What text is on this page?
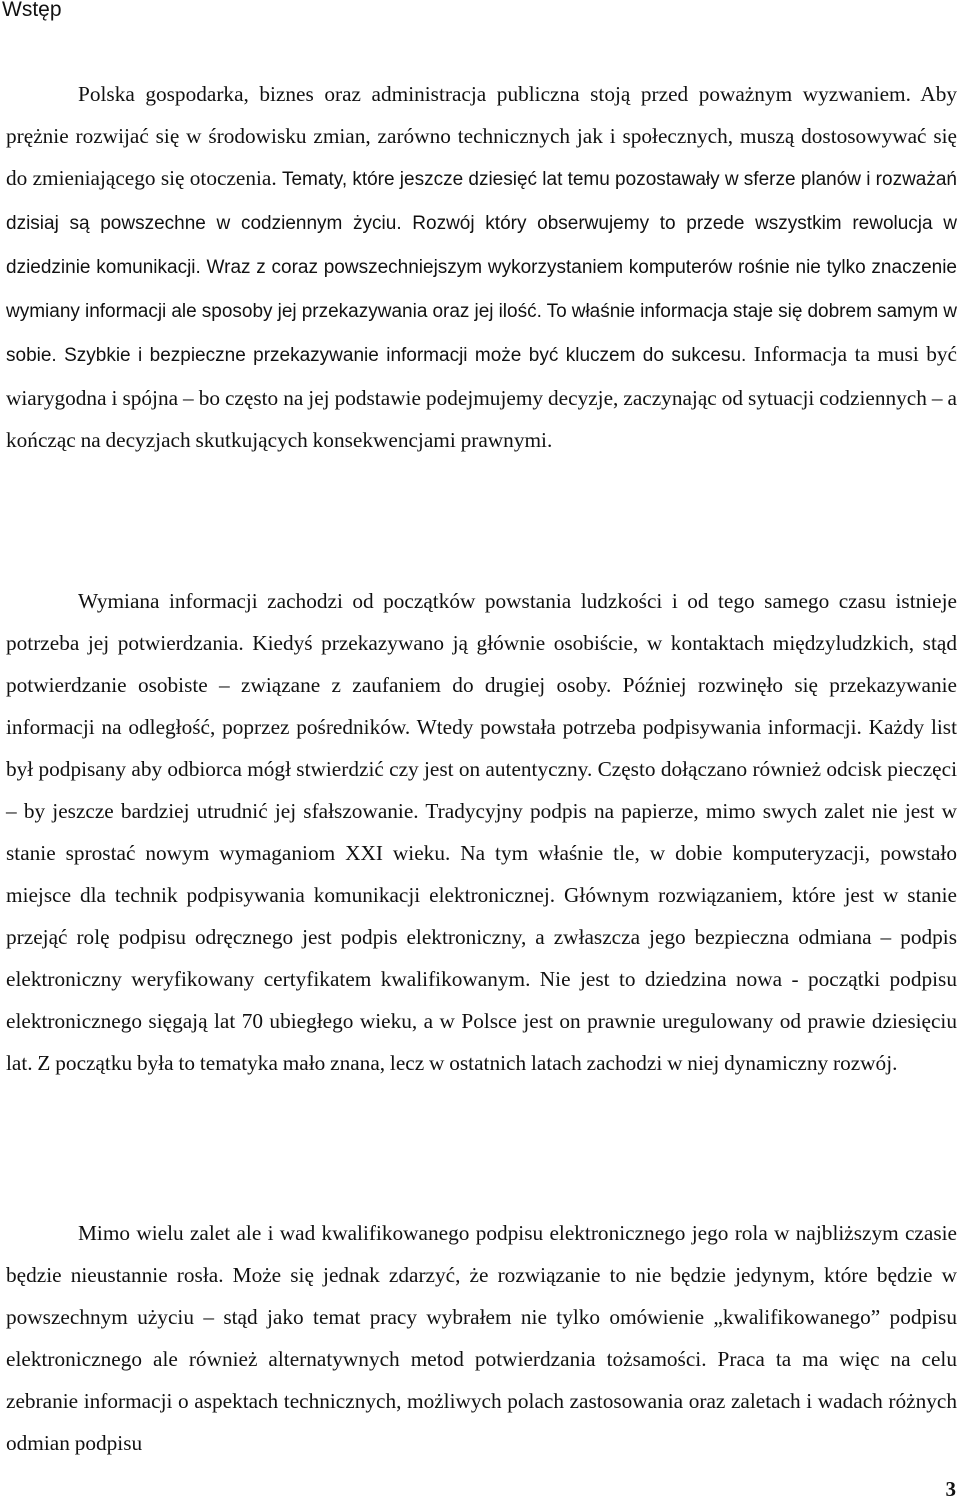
Wstęp

Polska gospodarka, biznes oraz administracja publiczna stoją przed poważnym wyzwaniem. Aby prężnie rozwijać się w środowisku zmian, zarówno technicznych jak i społecznych, muszą dostosowywać się do zmieniającego się otoczenia. Tematy, które jeszcze dziesięć lat temu pozostawały w sferze planów i rozważań dzisiaj są powszechne w codziennym życiu. Rozwój który obserwujemy to przede wszystkim rewolucja w dziedzinie komunikacji. Wraz z coraz powszechniejszym wykorzystaniem komputerów rośnie nie tylko znaczenie wymiany informacji ale sposoby jej przekazywania oraz jej ilość. To właśnie informacja staje się dobrem samym w sobie. Szybkie i bezpieczne przekazywanie informacji może być kluczem do sukcesu. Informacja ta musi być wiarygodna i spójna – bo często na jej podstawie podejmujemy decyzje, zaczynając od sytuacji codziennych – a kończąc na decyzjach skutkujących konsekwencjami prawnymi.

Wymiana informacji zachodzi od początków powstania ludzkości i od tego samego czasu istnieje potrzeba jej potwierdzania. Kiedyś przekazywano ją głównie osobiście, w kontaktach międzyludzkich, stąd potwierdzanie osobiste – związane z zaufaniem do drugiej osoby. Później rozwinęło się przekazywanie informacji na odległość, poprzez pośredników. Wtedy powstała potrzeba podpisywania informacji. Każdy list był podpisany aby odbiorca mógł stwierdzić czy jest on autentyczny. Często dołączano również odcisk pieczęci – by jeszcze bardziej utrudnić jej sfałszowanie. Tradycyjny podpis na papierze, mimo swych zalet nie jest w stanie sprostać nowym wymaganiom XXI wieku. Na tym właśnie tle, w dobie komputeryzacji, powstało miejsce dla technik podpisywania komunikacji elektronicznej. Głównym rozwiązaniem, które jest w stanie przejąć rolę podpisu odręcznego jest podpis elektroniczny, a zwłaszcza jego bezpieczna odmiana – podpis elektroniczny weryfikowany certyfikatem kwalifikowanym. Nie jest to dziedzina nowa - początki podpisu elektronicznego sięgają lat 70 ubiegłego wieku, a w Polsce jest on prawnie uregulowany od prawie dziesięciu lat. Z początku była to tematyka mało znana, lecz w ostatnich latach zachodzi w niej dynamiczny rozwój.

Mimo wielu zalet ale i wad kwalifikowanego podpisu elektronicznego jego rola w najbliższym czasie będzie nieustannie rosła. Może się jednak zdarzyć, że rozwiązanie to nie będzie jedynym, które będzie w powszechnym użyciu – stąd jako temat pracy wybrałem nie tylko omówienie „kwalifikowanego” podpisu elektronicznego ale również alternatywnych metod potwierdzania tożsamości. Praca ta ma więc na celu zebranie informacji o aspektach technicznych, możliwych polach zastosowania oraz zaletach i wadach różnych odmian podpisu

3
